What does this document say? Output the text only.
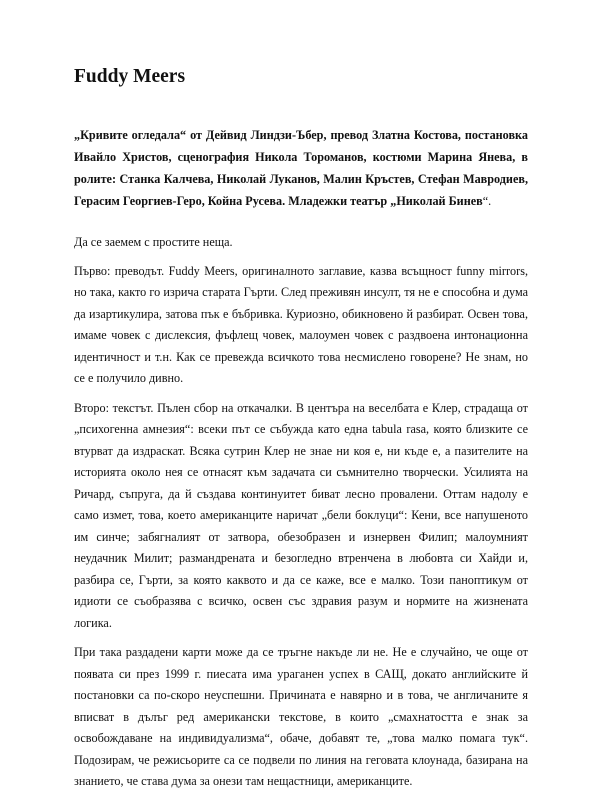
Fuddy Meers

„Кривите огледала“ от Дейвид Линдзи-Ъбер, превод Златна Костова, постановка Ивайло Христов, сценография Никола Тороманов, костюми Марина Янева, в ролите: Станка Калчева, Николай Луканов, Малин Кръстев, Стефан Мавродиев, Герасим Георгиев-Геро, Койна Русева. Младежки театър „Николай Бинев“.

Да се заемем с простите неща.

Първо: преводът. Fuddy Meers, оригиналното заглавие, казва всъщност funny mirrors, но така, както го изрича старата Гърти. След преживян инсулт, тя не е способна и дума да изартикулира, затова пък е бъбривка. Куриозно, обикновено й разбират. Освен това, имаме човек с дислексия, фъфлещ човек, малоумен човек с раздвоена интонационна идентичност и т.н. Как се превежда всичкото това несмислено говорене? Не знам, но се е получило дивно.

Второ: текстът. Пълен сбор на откачалки. В центъра на веселбата е Клер, страдаща от „психогенна амнезия“: всеки път се събужда като една tabula rasa, която близките се втурват да издраскат. Всяка сутрин Клер не знае ни коя е, ни къде е, а пазителите на историята около нея се отнасят към задачата си съмнително творчески. Усилията на Ричард, съпруга, да й създава континуитет биват лесно провалени. Оттам надолу е само измет, това, което американците наричат „бели боклуци“: Кени, все напушеното им синче; забягналият от затвора, обезобразен и изнервен Филип; малоумният неудачник Милит; размандрената и безогледно втренчена в любовта си Хайди и, разбира се, Гърти, за която каквото и да се каже, все е малко. Този паноптикум от идиоти се съобразява с всичко, освен със здравия разум и нормите на жизнената логика.

При така раздадени карти може да се тръгне накъде ли не. Не е случайно, че още от появата си през 1999 г. пиесата има ураганен успех в САЩ, докато английските й постановки са по-скоро неуспешни. Причината е навярно и в това, че англичаните я вписват в дълъг ред американски текстове, в които „смахнатостта е знак за освобождаване на индивидуализма“, обаче, добавят те, „това малко помага тук“. Подозирам, че режисьорите са се подвели по линия на геговата клоунада, базирана на знанието, че става дума за онези там нещастници, американците.
